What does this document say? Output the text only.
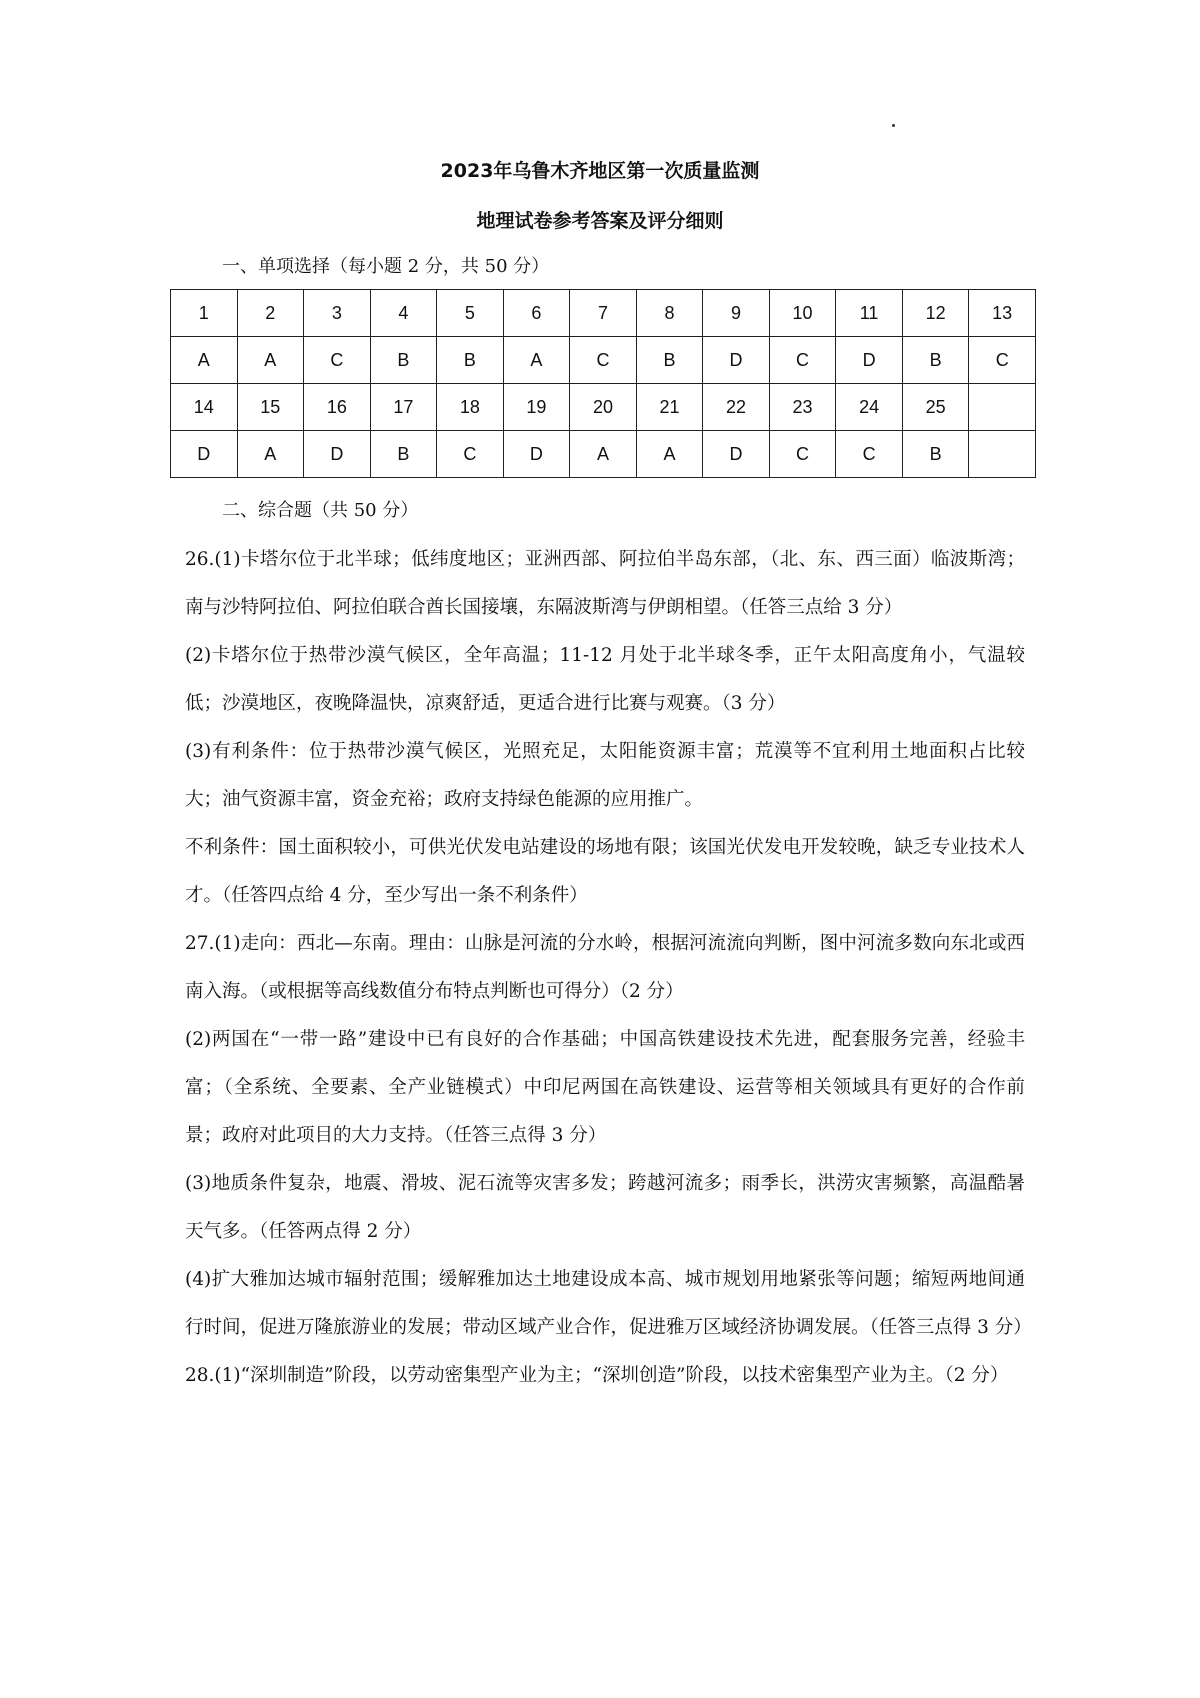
2023年乌鲁木齐地区第一次质量监测
地理试卷参考答案及评分细则
一、单项选择（每小题 2 分，共 50 分）
1	2	3	4	5	6	7	8	9	10	11	12	13
A	A	C	B	B	A	C	B	D	C	D	B	C
14	15	16	17	18	19	20	21	22	23	24	25	
D	A	D	B	C	D	A	A	D	C	C	B	
二、综合题（共 50 分）

26.(1)卡塔尔位于北半球；低纬度地区；亚洲西部、阿拉伯半岛东部，（北、东、西三面）临波斯湾；南与沙特阿拉伯、阿拉伯联合酋长国接壤，东隔波斯湾与伊朗相望。（任答三点给 3 分）

(2)卡塔尔位于热带沙漠气候区，全年高温；11-12 月处于北半球冬季，正午太阳高度角小，气温较低；沙漠地区，夜晚降温快，凉爽舒适，更适合进行比赛与观赛。（3 分）

(3)有利条件：位于热带沙漠气候区，光照充足，太阳能资源丰富；荒漠等不宜利用土地面积占比较大；油气资源丰富，资金充裕；政府支持绿色能源的应用推广。

不利条件：国土面积较小，可供光伏发电站建设的场地有限；该国光伏发电开发较晚，缺乏专业技术人才。（任答四点给 4 分，至少写出一条不利条件）

27.(1)走向：西北—东南。理由：山脉是河流的分水岭，根据河流流向判断，图中河流多数向东北或西南入海。（或根据等高线数值分布特点判断也可得分）（2 分）

(2)两国在“一带一路”建设中已有良好的合作基础；中国高铁建设技术先进，配套服务完善，经验丰富；（全系统、全要素、全产业链模式）中印尼两国在高铁建设、运营等相关领域具有更好的合作前景；政府对此项目的大力支持。（任答三点得 3 分）

(3)地质条件复杂，地震、滑坡、泥石流等灾害多发；跨越河流多；雨季长，洪涝灾害频繁，高温酷暑天气多。（任答两点得 2 分）

(4)扩大雅加达城市辐射范围；缓解雅加达土地建设成本高、城市规划用地紧张等问题；缩短两地间通行时间，促进万隆旅游业的发展；带动区域产业合作，促进雅万区域经济协调发展。（任答三点得 3 分）

28.(1)“深圳制造”阶段，以劳动密集型产业为主；“深圳创造”阶段，以技术密集型产业为主。（2 分）
